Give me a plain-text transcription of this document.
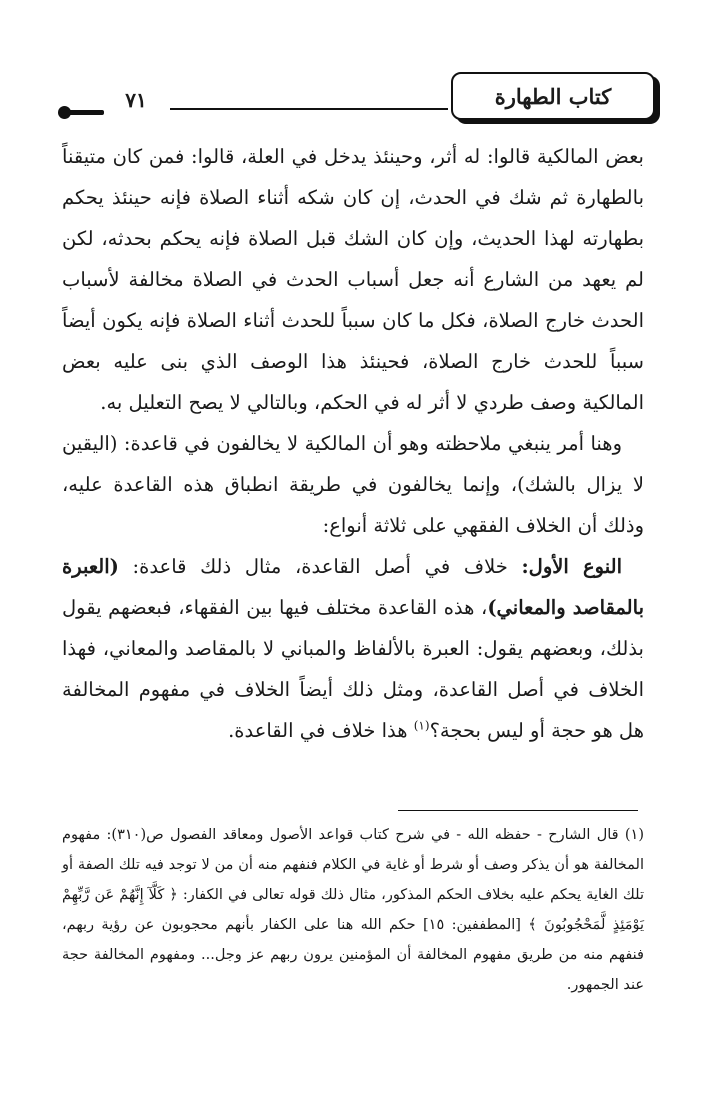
كتاب الطهارة
٧١

بعض المالكية قالوا: له أثر، وحينئذ يدخل في العلة، قالوا: فمن كان متيقناً بالطهارة ثم شك في الحدث، إن كان شكه أثناء الصلاة فإنه حينئذ يحكم بطهارته لهذا الحديث، وإن كان الشك قبل الصلاة فإنه يحكم بحدثه، لكن لم يعهد من الشارع أنه جعل أسباب الحدث في الصلاة مخالفة لأسباب الحدث خارج الصلاة، فكل ما كان سبباً للحدث أثناء الصلاة فإنه يكون أيضاً سبباً للحدث خارج الصلاة، فحينئذ هذا الوصف الذي بنى عليه بعض المالكية وصف طردي لا أثر له في الحكم، وبالتالي لا يصح التعليل به.

وهنا أمر ينبغي ملاحظته وهو أن المالكية لا يخالفون في قاعدة: (اليقين لا يزال بالشك)، وإنما يخالفون في طريقة انطباق هذه القاعدة عليه، وذلك أن الخلاف الفقهي على ثلاثة أنواع:

النوع الأول: خلاف في أصل القاعدة، مثال ذلك قاعدة: (العبرة بالمقاصد والمعاني)، هذه القاعدة مختلف فيها بين الفقهاء، فبعضهم يقول بذلك، وبعضهم يقول: العبرة بالألفاظ والمباني لا بالمقاصد والمعاني، فهذا الخلاف في أصل القاعدة، ومثل ذلك أيضاً الخلاف في مفهوم المخالفة هل هو حجة أو ليس بحجة؟$^{(١)}$ هذا خلاف في القاعدة.

(١) قال الشارح - حفظه الله - في شرح كتاب قواعد الأصول ومعاقد الفصول ص(٣١٠): مفهوم المخالفة هو أن يذكر وصف أو شرط أو غاية في الكلام فنفهم منه أن من لا توجد فيه تلك الصفة أو تلك الغاية يحكم عليه بخلاف الحكم المذكور، مثال ذلك قوله تعالى في الكفار: ﴿ كَلَّآ إِنَّهُمْ عَن رَّبِّهِمْ يَوْمَئِذٍ لَّمَحْجُوبُونَ ﴾ [المطففين: ١٥] حكم الله هنا على الكفار بأنهم محجوبون عن رؤية ربهم، فنفهم منه من طريق مفهوم المخالفة أن المؤمنين يرون ربهم عز وجل... ومفهوم المخالفة حجة عند الجمهور.
